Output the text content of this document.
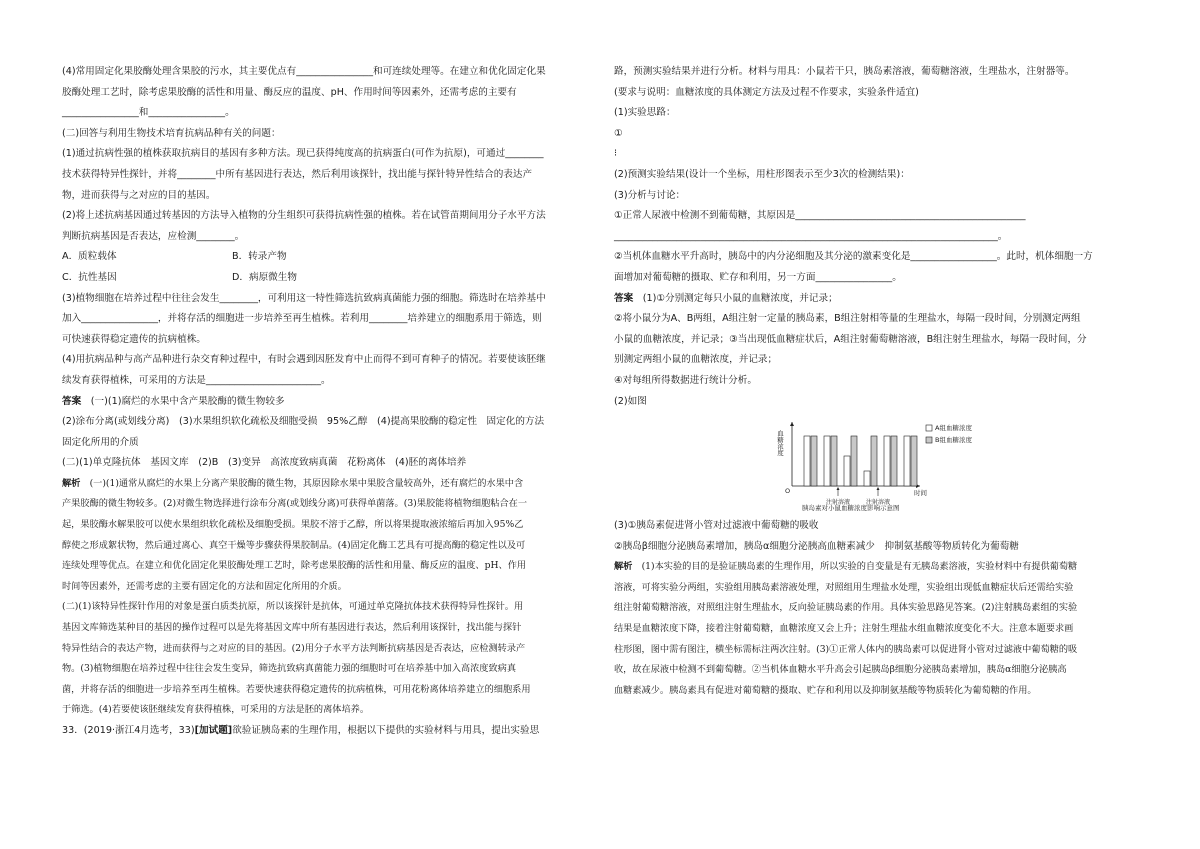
(4)常用固定化果胶酶处理含果胶的污水，其主要优点有________________和可连续处理等。在建立和优化固定化果

胶酶处理工艺时，除考虑果胶酶的活性和用量、酶反应的温度、pH、作用时间等因素外，还需考虑的主要有

________________和________________。

(二)回答与利用生物技术培育抗病品种有关的问题：

(1)通过抗病性强的植株获取抗病目的基因有多种方法。现已获得纯度高的抗病蛋白(可作为抗原)，可通过________

技术获得特异性探针，并将________中所有基因进行表达，然后利用该探针，找出能与探针特异性结合的表达产

物，进而获得与之对应的目的基因。

(2)将上述抗病基因通过转基因的方法导入植物的分生组织可获得抗病性强的植株。若在试管苗期间用分子水平方法

判断抗病基因是否表达，应检测________。

A．质粒载体	B．转录产物
C．抗性基因	D．病原微生物

(3)植物细胞在培养过程中往往会发生________，可利用这一特性筛选抗致病真菌能力强的细胞。筛选时在培养基中

加入________________，并将存活的细胞进一步培养至再生植株。若利用________培养建立的细胞系用于筛选，则

可快速获得稳定遗传的抗病植株。

(4)用抗病品种与高产品种进行杂交育种过程中，有时会遇到因胚发育中止而得不到可育种子的情况。若要使该胚继

续发育获得植株，可采用的方法是________________________。

答案　 (一)(1)腐烂的水果中含产果胶酶的微生物较多

(2)涂布分离(或划线分离)　(3)水果组织软化疏松及细胞受损　95%乙醇　(4)提高果胶酶的稳定性　固定化的方法

固定化所用的介质

(二)(1)单克隆抗体　基因文库　(2)B　(3)变异　高浓度致病真菌　花粉离体　(4)胚的离体培养

解析　 (一)(1)通常从腐烂的水果上分离产果胶酶的微生物，其原因除水果中果胶含量较高外，还有腐烂的水果中含

产果胶酶的微生物较多。(2)对微生物选择进行涂布分离(或划线分离)可获得单菌落。(3)果胶能将植物细胞粘合在一

起，果胶酶水解果胶可以使水果组织软化疏松及细胞受损。果胶不溶于乙醇，所以将果提取液浓缩后再加入95%乙

醇使之形成絮状物，然后通过离心、真空干燥等步骤获得果胶制品。(4)固定化酶工艺具有可提高酶的稳定性以及可

连续处理等优点。在建立和优化固定化果胶酶处理工艺时，除考虑果胶酶的活性和用量、酶反应的温度、pH、作用

时间等因素外，还需考虑的主要有固定化的方法和固定化所用的介质。

(二)(1)该特异性探针作用的对象是蛋白质类抗原，所以该探针是抗体，可通过单克隆抗体技术获得特异性探针。用

基因文库筛选某种目的基因的操作过程可以是先将基因文库中所有基因进行表达，然后利用该探针，找出能与探针

特异性结合的表达产物，进而获得与之对应的目的基因。(2)用分子水平方法判断抗病基因是否表达，应检测转录产

物。(3)植物细胞在培养过程中往往会发生变异，筛选抗致病真菌能力强的细胞时可在培养基中加入高浓度致病真

菌，并将存活的细胞进一步培养至再生植株。若要快速获得稳定遗传的抗病植株，可用花粉离体培养建立的细胞系用

于筛选。(4)若要使该胚继续发育获得植株，可采用的方法是胚的离体培养。

33．(2019·浙江4月选考，33)[加试题]欲验证胰岛素的生理作用，根据以下提供的实验材料与用具，提出实验思

路，预测实验结果并进行分析。材料与用具：小鼠若干只，胰岛素溶液，葡萄糖溶液，生理盐水，注射器等。

(要求与说明：血糖浓度的具体测定方法及过程不作要求，实验条件适宜)

(1)实验思路：

①

⁝

(2)预测实验结果(设计一个坐标，用柱形图表示至少3次的检测结果)：

(3)分析与讨论：

①正常人尿液中检测不到葡萄糖，其原因是________________________________________________

________________________________________________________________________________。

②当机体血糖水平升高时，胰岛中的内分泌细胞及其分泌的激素变化是__________________。此时，机体细胞一方

面增加对葡萄糖的摄取、贮存和利用，另一方面________________。

答案　 (1)①分别测定每只小鼠的血糖浓度，并记录；

②将小鼠分为A、B两组，A组注射一定量的胰岛素，B组注射相等量的生理盐水，每隔一段时间，分别测定两组

小鼠的血糖浓度，并记录；③当出现低血糖症状后，A组注射葡萄糖溶液，B组注射生理盐水，每隔一段时间，分

别测定两组小鼠的血糖浓度，并记录；

④对每组所得数据进行统计分析。

(2)如图

血糖浓度
O	时间
注射溶液	注射溶液
A组血糖浓度
B组血糖浓度
胰岛素对小鼠血糖浓度影响示意图

(3)①胰岛素促进肾小管对过滤液中葡萄糖的吸收

②胰岛β细胞分泌胰岛素增加，胰岛α细胞分泌胰高血糖素减少　抑制氨基酸等物质转化为葡萄糖

解析　 (1)本实验的目的是验证胰岛素的生理作用，所以实验的自变量是有无胰岛素溶液，实验材料中有提供葡萄糖

溶液，可将实验分两组，实验组用胰岛素溶液处理，对照组用生理盐水处理，实验组出现低血糖症状后还需给实验

组注射葡萄糖溶液，对照组注射生理盐水，反向验证胰岛素的作用。具体实验思路见答案。(2)注射胰岛素组的实验

结果是血糖浓度下降，接着注射葡萄糖，血糖浓度又会上升；注射生理盐水组血糖浓度变化不大。注意本题要求画

柱形图，图中需有图注，横坐标需标注两次注射。(3)①正常人体内的胰岛素可以促进肾小管对过滤液中葡萄糖的吸

收，故在尿液中检测不到葡萄糖。②当机体血糖水平升高会引起胰岛β细胞分泌胰岛素增加，胰岛α细胞分泌胰高

血糖素减少。胰岛素具有促进对葡萄糖的摄取、贮存和利用以及抑制氨基酸等物质转化为葡萄糖的作用。
